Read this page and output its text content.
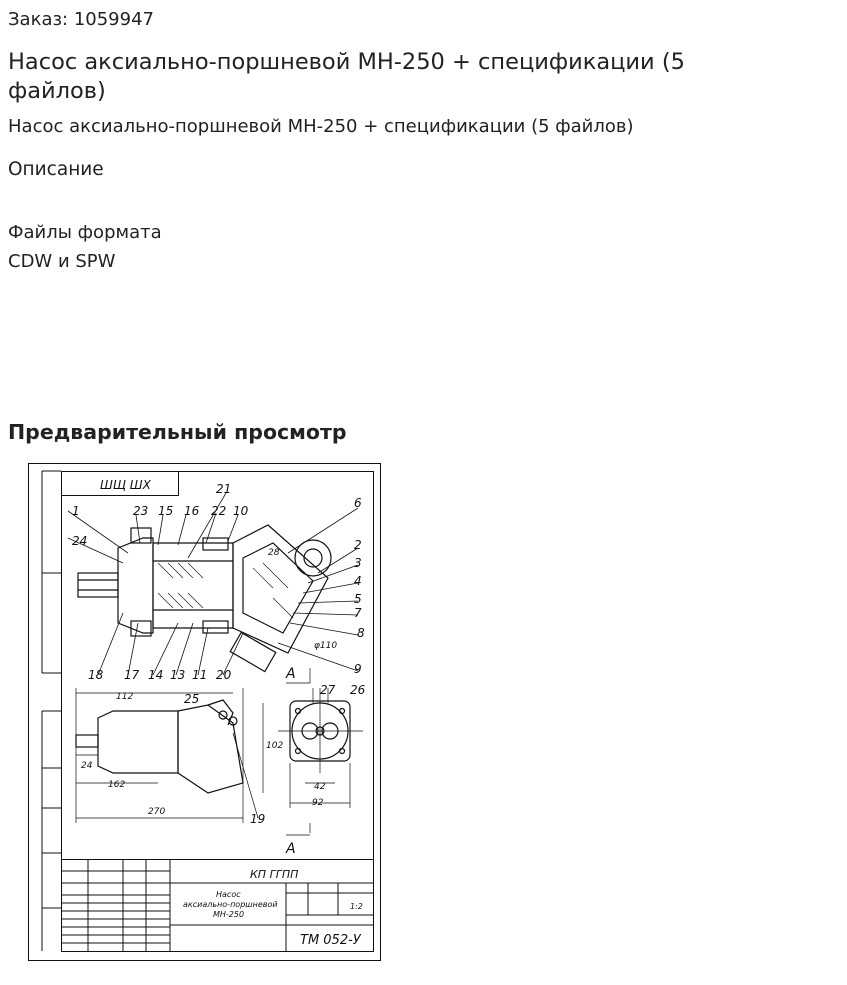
Заказ: 1059947
Насос аксиально-поршневой МН-250 + спецификации (5 файлов)
Насос аксиально-поршневой МН-250 + спецификации (5 файлов)
Описание
Файлы формата
CDW и SPW
Предварительный просмотр
ШЩ ШХ
КП ГГПП
Насос
аксиально-поршневой
МН-250
1:2
ТМ 052-У
А
А
1
2
3
4
5
6
7
8
9
10
11
13
14
15 16
17
18
19
20
21
22
23
24
25
26
27
112
24
162
270
102
92
42
φ110
28
